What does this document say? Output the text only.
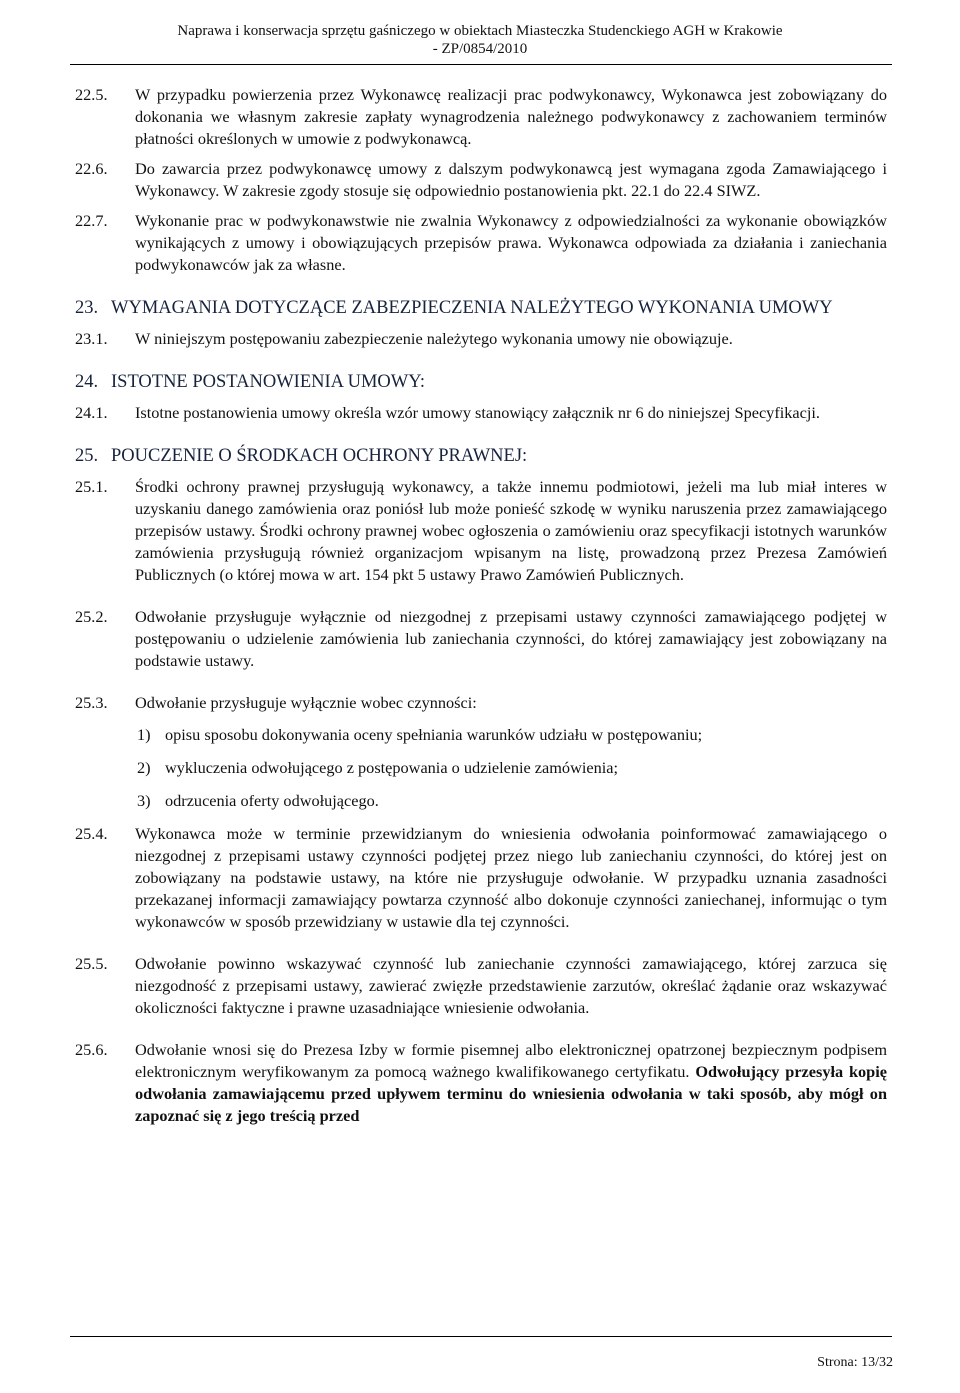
Naprawa i konserwacja sprzętu gaśniczego w obiektach Miasteczka Studenckiego AGH w Krakowie
- ZP/0854/2010
22.5. W przypadku powierzenia przez Wykonawcę realizacji prac podwykonawcy, Wykonawca jest zobowiązany do dokonania we własnym zakresie zapłaty wynagrodzenia należnego podwykonawcy z zachowaniem terminów płatności określonych w umowie z podwykonawcą.
22.6. Do zawarcia przez podwykonawcę umowy z dalszym podwykonawcą jest wymagana zgoda Zamawiającego i Wykonawcy. W zakresie zgody stosuje się odpowiednio postanowienia pkt. 22.1 do 22.4 SIWZ.
22.7. Wykonanie prac w podwykonawstwie nie zwalnia Wykonawcy z odpowiedzialności za wykonanie obowiązków wynikających z umowy i obowiązujących przepisów prawa. Wykonawca odpowiada za działania i zaniechania podwykonawców jak za własne.
23. WYMAGANIA DOTYCZĄCE ZABEZPIECZENIA NALEŻYTEGO WYKONANIA UMOWY
23.1. W niniejszym postępowaniu zabezpieczenie należytego wykonania umowy nie obowiązuje.
24. ISTOTNE POSTANOWIENIA UMOWY:
24.1. Istotne postanowienia umowy określa wzór umowy stanowiący załącznik nr 6 do niniejszej Specyfikacji.
25. POUCZENIE O ŚRODKACH OCHRONY PRAWNEJ:
25.1. Środki ochrony prawnej przysługują wykonawcy, a także innemu podmiotowi, jeżeli ma lub miał interes w uzyskaniu danego zamówienia oraz poniósł lub może ponieść szkodę w wyniku naruszenia przez zamawiającego przepisów ustawy. Środki ochrony prawnej wobec ogłoszenia o zamówieniu oraz specyfikacji istotnych warunków zamówienia przysługują również organizacjom wpisanym na listę, prowadzoną przez Prezesa Zamówień Publicznych (o której mowa w art. 154 pkt 5 ustawy Prawo Zamówień Publicznych.
25.2. Odwołanie przysługuje wyłącznie od niezgodnej z przepisami ustawy czynności zamawiającego podjętej w postępowaniu o udzielenie zamówienia lub zaniechania czynności, do której zamawiający jest zobowiązany na podstawie ustawy.
25.3. Odwołanie przysługuje wyłącznie wobec czynności:
1) opisu sposobu dokonywania oceny spełniania warunków udziału w postępowaniu;
2) wykluczenia odwołującego z postępowania o udzielenie zamówienia;
3) odrzucenia oferty odwołującego.
25.4. Wykonawca może w terminie przewidzianym do wniesienia odwołania poinformować zamawiającego o niezgodnej z przepisami ustawy czynności podjętej przez niego lub zaniechaniu czynności, do której jest on zobowiązany na podstawie ustawy, na które nie przysługuje odwołanie. W przypadku uznania zasadności przekazanej informacji zamawiający powtarza czynność albo dokonuje czynności zaniechanej, informując o tym wykonawców w sposób przewidziany w ustawie dla tej czynności.
25.5. Odwołanie powinno wskazywać czynność lub zaniechanie czynności zamawiającego, której zarzuca się niezgodność z przepisami ustawy, zawierać zwięzłe przedstawienie zarzutów, określać żądanie oraz wskazywać okoliczności faktyczne i prawne uzasadniające wniesienie odwołania.
25.6. Odwołanie wnosi się do Prezesa Izby w formie pisemnej albo elektronicznej opatrzonej bezpiecznym podpisem elektronicznym weryfikowanym za pomocą ważnego kwalifikowanego certyfikatu. Odwołujący przesyła kopię odwołania zamawiającemu przed upływem terminu do wniesienia odwołania w taki sposób, aby mógł on zapoznać się z jego treścią przed
Strona: 13/32
